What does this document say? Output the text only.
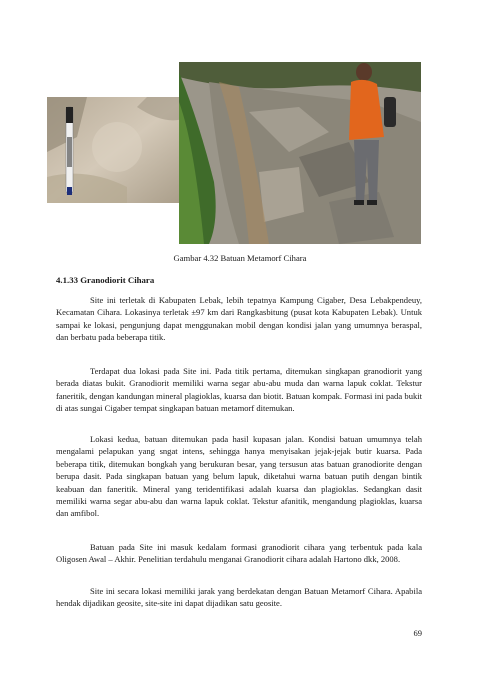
Gambar 4.32 Batuan Metamorf Cihara
4.1.33 Granodiorit Cihara

Site ini terletak di Kabupaten Lebak, lebih tepatnya Kampung Cigaber, Desa Lebakpendeuy, Kecamatan Cihara. Lokasinya terletak ±97 km dari Rangkasbitung (pusat kota Kabupaten Lebak). Untuk sampai ke lokasi, pengunjung dapat menggunakan mobil dengan kondisi jalan yang umumnya beraspal, dan berbatu pada beberapa titik.

Terdapat dua lokasi pada Site ini. Pada titik pertama, ditemukan singkapan granodiorit yang berada diatas bukit. Granodiorit memiliki warna segar abu-abu muda dan warna lapuk coklat. Tekstur faneritik, dengan kandungan mineral plagioklas, kuarsa dan biotit. Batuan kompak. Formasi ini pada bukit di atas sungai Cigaber tempat singkapan batuan metamorf ditemukan.

Lokasi kedua, batuan ditemukan pada hasil kupasan jalan. Kondisi batuan umumnya telah mengalami pelapukan yang sngat intens, sehingga hanya menyisakan jejak-jejak butir kuarsa. Pada beberapa titik, ditemukan bongkah yang berukuran besar, yang tersusun atas batuan granodiorite dengan berupa dasit. Pada singkapan batuan yang belum lapuk, diketahui warna batuan putih dengan bintik keabuan dan faneritik. Mineral yang teridentifikasi adalah kuarsa dan plagioklas. Sedangkan dasit memiliki warna segar abu-abu dan warna lapuk coklat. Tekstur afanitik, mengandung plagioklas, kuarsa dan amfibol.

Batuan pada Site ini masuk kedalam formasi granodiorit cihara yang terbentuk pada kala Oligosen Awal – Akhir. Penelitian terdahulu menganai Granodiorit cihara adalah Hartono dkk, 2008.

Site ini secara lokasi memiliki jarak yang berdekatan dengan Batuan Metamorf Cihara. Apabila hendak dijadikan geosite, site-site ini dapat dijadikan satu geosite.

69
